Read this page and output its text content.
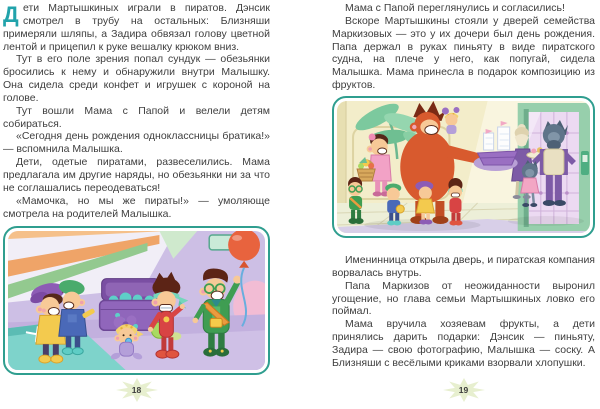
Дети Мартышкиных играли в пиратов. Дэнсик смотрел в трубу на остальных: Близняши примеряли шляпы, а Задира обвязал голову цветной лентой и прицепил к руке вешалку крюком вниз.

Тут в его поле зрения попал сундук — обезьянки бросились к нему и обнаружили внутри Малышку. Она сидела среди конфет и игрушек с короной на голове.

Тут вошли Мама с Папой и велели детям собираться.

«Сегодня день рождения одноклассницы братика!» — вспомнила Малышка.

Дети, одетые пиратами, развеселились. Мама предлагала им другие наряды, но обезьянки ни за что не соглашались переодеваться!

«Мамочка, но мы же пираты!» — умоляюще смотрела на родителей Малышка.

18

Мама с Папой переглянулись и согласились!

Вскоре Мартышкины стояли у дверей семейства Маркизовых — это у их дочери был день рождения. Папа держал в руках пиньяту в виде пиратского судна, на плече у него, как попугай, сидела Малышка. Мама принесла в подарок композицию из фруктов.

Именинница открыла дверь, и пиратская компания ворвалась внутрь.

Папа Маркизов от неожиданности выронил угощение, но глава семьи Мартышкиных ловко его поймал.

Мама вручила хозяевам фрукты, а дети принялись дарить подарки: Дэнсик — пиньяту, Задира — свою фотографию, Малышка — соску. А Близняши с весёлыми криками взорвали хлопушки.

19
